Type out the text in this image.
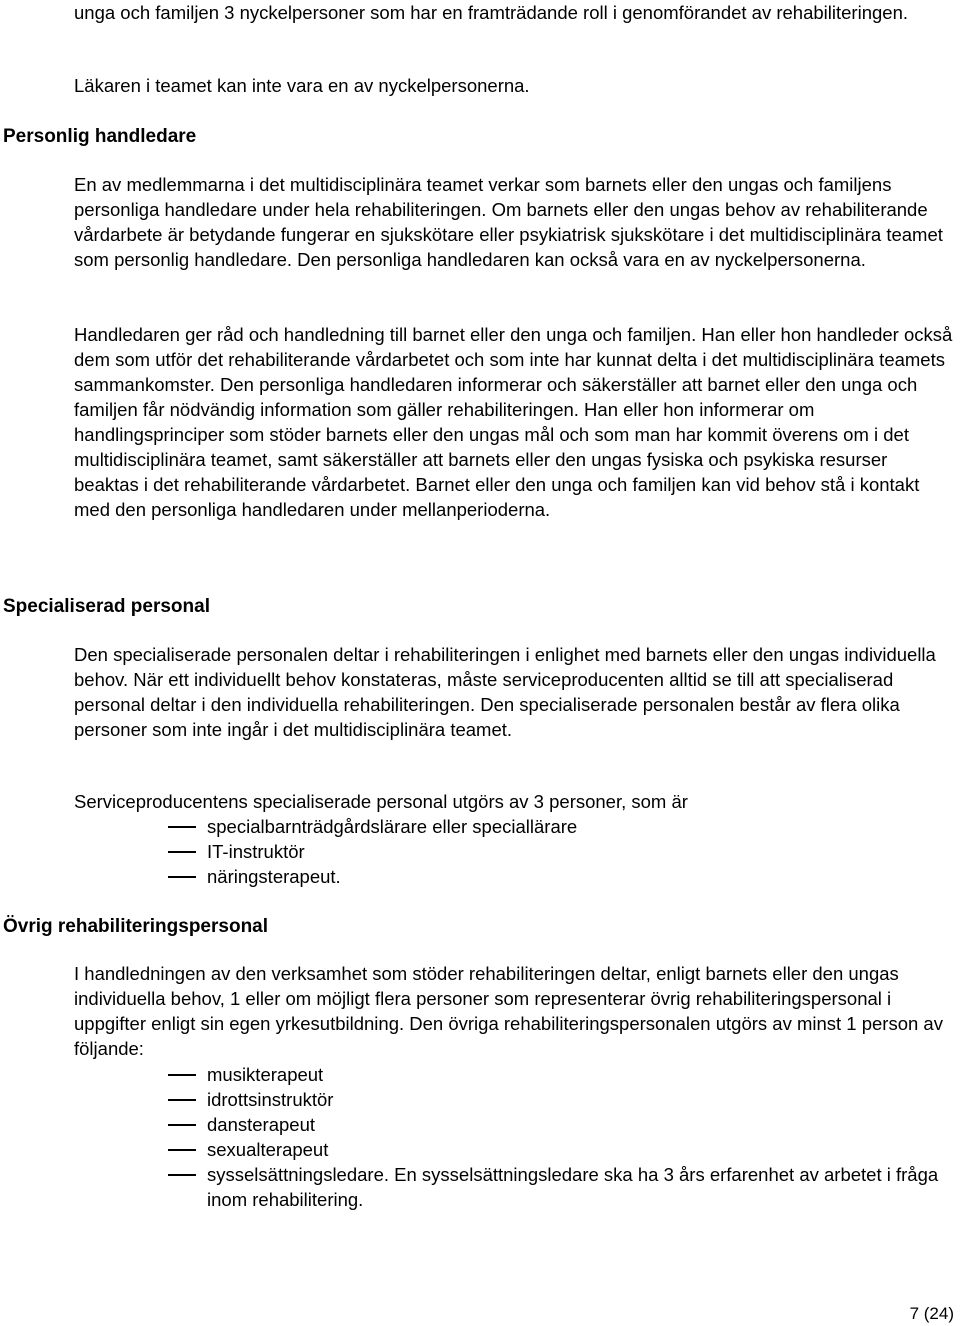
unga och familjen 3 nyckelpersoner som har en framträdande roll i genomförandet av rehabiliteringen.

Läkaren i teamet kan inte vara en av nyckelpersonerna.

Personlig handledare

En av medlemmarna i det multidisciplinära teamet verkar som barnets eller den ungas och familjens personliga handledare under hela rehabiliteringen. Om barnets eller den ungas behov av rehabiliterande vårdarbete är betydande fungerar en sjukskötare eller psykiatrisk sjukskötare i det multidisciplinära teamet som personlig handledare. Den personliga handledaren kan också vara en av nyckelpersonerna.

Handledaren ger råd och handledning till barnet eller den unga och familjen. Han eller hon handleder också dem som utför det rehabiliterande vårdarbetet och som inte har kunnat delta i det multidisciplinära teamets sammankomster. Den personliga handledaren informerar och säkerställer att barnet eller den unga och familjen får nödvändig information som gäller rehabiliteringen. Han eller hon informerar om handlingsprinciper som stöder barnets eller den ungas mål och som man har kommit överens om i det multidisciplinära teamet, samt säkerställer att barnets eller den ungas fysiska och psykiska resurser beaktas i det rehabiliterande vårdarbetet. Barnet eller den unga och familjen kan vid behov stå i kontakt med den personliga handledaren under mellanperioderna.

Specialiserad personal

Den specialiserade personalen deltar i rehabiliteringen i enlighet med barnets eller den ungas individuella behov. När ett individuellt behov konstateras, måste serviceproducenten alltid se till att specialiserad personal deltar i den individuella rehabiliteringen. Den specialiserade personalen består av flera olika personer som inte ingår i det multidisciplinära teamet.

Serviceproducentens specialiserade personal utgörs av 3 personer, som är

specialbarnträdgårdslärare eller speciallärare
IT-instruktör
näringsterapeut.
Övrig rehabiliteringspersonal

I handledningen av den verksamhet som stöder rehabiliteringen deltar, enligt barnets eller den ungas individuella behov, 1 eller om möjligt flera personer som representerar övrig rehabiliteringspersonal i uppgifter enligt sin egen yrkesutbildning. Den övriga rehabiliteringspersonalen utgörs av minst 1 person av följande:

musikterapeut
idrottsinstruktör
dansterapeut
sexualterapeut
sysselsättningsledare. En sysselsättningsledare ska ha 3 års erfarenhet av arbetet i fråga inom rehabilitering.
7 (24)
